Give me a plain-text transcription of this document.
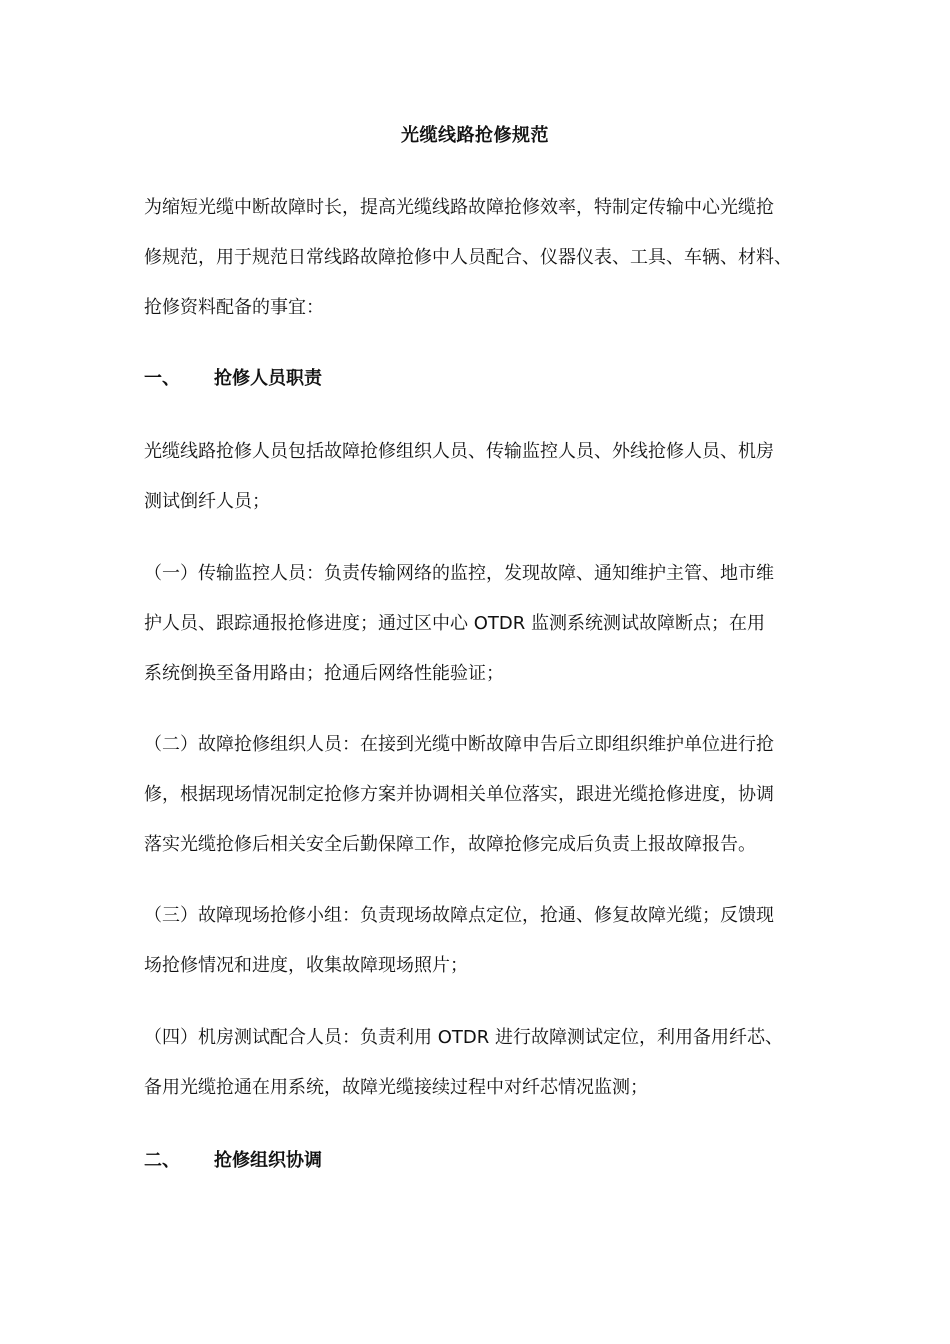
光缆线路抢修规范

为缩短光缆中断故障时长，提高光缆线路故障抢修效率，特制定传输中心光缆抢
修规范，用于规范日常线路故障抢修中人员配合、仪器仪表、工具、车辆、材料、
抢修资料配备的事宜：

一、 抢修人员职责

光缆线路抢修人员包括故障抢修组织人员、传输监控人员、外线抢修人员、机房
测试倒纤人员；

（一）传输监控人员：负责传输网络的监控，发现故障、通知维护主管、地市维
护人员、跟踪通报抢修进度；通过区中心 OTDR 监测系统测试故障断点；在用
系统倒换至备用路由；抢通后网络性能验证；

（二）故障抢修组织人员：在接到光缆中断故障申告后立即组织维护单位进行抢
修，根据现场情况制定抢修方案并协调相关单位落实，跟进光缆抢修进度，协调
落实光缆抢修后相关安全后勤保障工作，故障抢修完成后负责上报故障报告。

（三）故障现场抢修小组：负责现场故障点定位，抢通、修复故障光缆；反馈现
场抢修情况和进度，收集故障现场照片；

（四）机房测试配合人员：负责利用 OTDR 进行故障测试定位，利用备用纤芯、
备用光缆抢通在用系统，故障光缆接续过程中对纤芯情况监测；

二、 抢修组织协调
